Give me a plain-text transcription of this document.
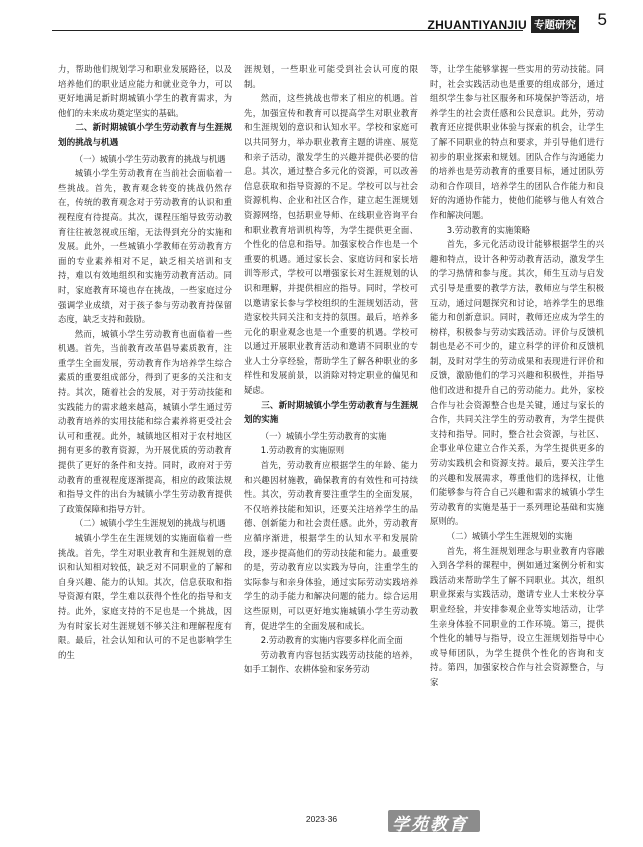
ZHUANTIYANJIU 专题研究 5

力，帮助他们规划学习和职业发展路径，以及培养他们的职业适应能力和就业竞争力，可以更好地满足新时期城镇小学生的教育需求，为他们的未来成功奠定坚实的基础。

二、新时期城镇小学生劳动教育与生涯规划的挑战与机遇
（一）城镇小学生劳动教育的挑战与机遇

城镇小学生劳动教育在当前社会面临着一些挑战。首先，教育观念转变的挑战仍然存在，传统的教育观念对于劳动教育的认识和重视程度有待提高。其次，课程压缩导致劳动教育往往被忽视或压缩，无法得到充分的实施和发展。此外，一些城镇小学教师在劳动教育方面的专业素养相对不足，缺乏相关培训和支持，难以有效地组织和实施劳动教育活动。同时，家庭教育环境也存在挑战，一些家庭过分强调学业成绩，对于孩子参与劳动教育持保留态度，缺乏支持和鼓励。

然而，城镇小学生劳动教育也面临着一些机遇。首先，当前教育改革倡导素质教育，注重学生全面发展，劳动教育作为培养学生综合素质的重要组成部分，得到了更多的关注和支持。其次，随着社会的发展，对于劳动技能和实践能力的需求越来越高，城镇小学生通过劳动教育培养的实用技能和综合素养将更受社会认可和重视。此外，城镇地区相对于农村地区拥有更多的教育资源，为开展优质的劳动教育提供了更好的条件和支持。同时，政府对于劳动教育的重视程度逐渐提高，相应的政策法规和指导文件的出台为城镇小学生劳动教育提供了政策保障和指导方针。

（二）城镇小学生生涯规划的挑战与机遇

城镇小学生在生涯规划的实施面临着一些挑战。首先，学生对职业教育和生涯规划的意识和认知相对较低，缺乏对不同职业的了解和自身兴趣、能力的认知。其次，信息获取和指导资源有限，学生难以获得个性化的指导和支持。此外，家庭支持的不足也是一个挑战，因为有时家长对生涯规划不够关注和理解程度有限。最后，社会认知和认可的不足也影响学生的生

涯规划，一些职业可能受到社会认可度的限制。

然而，这些挑战也带来了相应的机遇。首先，加强宣传和教育可以提高学生对职业教育和生涯规划的意识和认知水平。学校和家庭可以共同努力，举办职业教育主题的讲座、展览和亲子活动，激发学生的兴趣并提供必要的信息。其次，通过整合多元化的资源，可以改善信息获取和指导资源的不足。学校可以与社会资源机构、企业和社区合作，建立起生涯规划资源网络，包括职业导师、在线职业咨询平台和职业教育培训机构等，为学生提供更全面、个性化的信息和指导。加强家校合作也是一个重要的机遇。通过家长会、家庭访问和家长培训等形式，学校可以增强家长对生涯规划的认识和理解，并提供相应的指导。同时，学校可以邀请家长参与学校组织的生涯规划活动，营造家校共同关注和支持的氛围。最后，培养多元化的职业观念也是一个重要的机遇。学校可以通过开展职业教育活动和邀请不同职业的专业人士分享经验，帮助学生了解各种职业的多样性和发展前景，以消除对特定职业的偏见和疑虑。

三、新时期城镇小学生劳动教育与生涯规划的实施
（一）城镇小学生劳动教育的实施
1.劳动教育的实施原则

首先，劳动教育应根据学生的年龄、能力和兴趣因材施教，确保教育的有效性和可持续性。其次，劳动教育要注重学生的全面发展，不仅培养技能和知识，还要关注培养学生的品德、创新能力和社会责任感。此外，劳动教育应循序渐进，根据学生的认知水平和发展阶段，逐步提高他们的劳动技能和能力。最重要的是，劳动教育应以实践为导向，注重学生的实际参与和亲身体验，通过实际劳动实践培养学生的动手能力和解决问题的能力。综合运用这些原则，可以更好地实施城镇小学生劳动教育，促进学生的全面发展和成长。

2.劳动教育的实施内容要多样化而全面

劳动教育内容包括实践劳动技能的培养，如手工制作、农耕体验和家务劳动

等，让学生能够掌握一些实用的劳动技能。同时，社会实践活动也是重要的组成部分，通过组织学生参与社区服务和环境保护等活动，培养学生的社会责任感和公民意识。此外，劳动教育还应提供职业体验与探索的机会，让学生了解不同职业的特点和要求，并引导他们进行初步的职业探索和规划。团队合作与沟通能力的培养也是劳动教育的重要目标，通过团队劳动和合作项目，培养学生的团队合作能力和良好的沟通协作能力，使他们能够与他人有效合作和解决问题。

3.劳动教育的实施策略

首先，多元化活动设计能够根据学生的兴趣和特点，设计各种劳动教育活动，激发学生的学习热情和参与度。其次，师生互动与启发式引导是重要的教学方法，教师应与学生积极互动，通过问题探究和讨论，培养学生的思维能力和创新意识。同时，教师还应成为学生的榜样，积极参与劳动实践活动。评价与反馈机制也是必不可少的，建立科学的评价和反馈机制，及时对学生的劳动成果和表现进行评价和反馈，激励他们的学习兴趣和积极性，并指导他们改进和提升自己的劳动能力。此外，家校合作与社会资源整合也是关键，通过与家长的合作，共同关注学生的劳动教育，为学生提供支持和指导。同时，整合社会资源，与社区、企事业单位建立合作关系，为学生提供更多的劳动实践机会和资源支持。最后，要关注学生的兴趣和发展需求，尊重他们的选择权，让他们能够参与符合自己兴趣和需求的城镇小学生劳动教育的实施是基于一系列理论基础和实施原则的。

（二）城镇小学生生涯规划的实施

首先，将生涯规划理念与职业教育内容融入到各学科的课程中，例如通过案例分析和实践活动来帮助学生了解不同职业。其次，组织职业探索与实践活动，邀请专业人士来校分享职业经验，并安排参观企业等实地活动，让学生亲身体验不同职业的工作环境。第三，提供个性化的辅导与指导，设立生涯规划指导中心或导师团队，为学生提供个性化的咨询和支持。第四，加强家校合作与社会资源整合，与家

2023·36	学苑教育
